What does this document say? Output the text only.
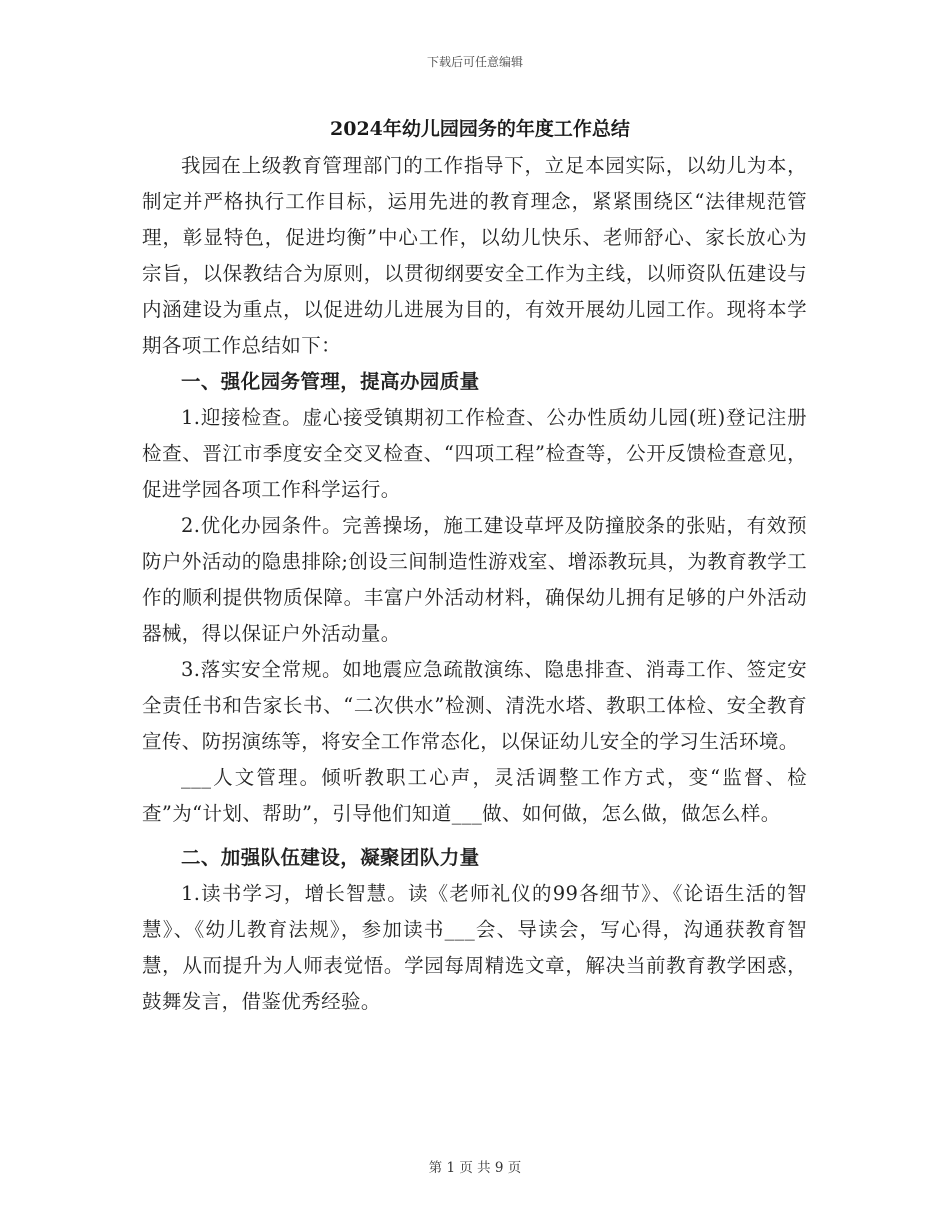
下载后可任意编辑
2024年幼儿园园务的年度工作总结

我园在上级教育管理部门的工作指导下，立足本园实际，以幼儿为本，制定并严格执行工作目标，运用先进的教育理念，紧紧围绕区“法律规范管理，彰显特色，促进均衡”中心工作，以幼儿快乐、老师舒心、家长放心为宗旨，以保教结合为原则，以贯彻纲要安全工作为主线，以师资队伍建设与内涵建设为重点，以促进幼儿进展为目的，有效开展幼儿园工作。现将本学期各项工作总结如下：

一、强化园务管理，提高办园质量

1.迎接检查。虚心接受镇期初工作检查、公办性质幼儿园(班)登记注册检查、晋江市季度安全交叉检查、“四项工程”检查等，公开反馈检查意见，促进学园各项工作科学运行。

2.优化办园条件。完善操场，施工建设草坪及防撞胶条的张贴，有效预防户外活动的隐患排除;创设三间制造性游戏室、增添教玩具，为教育教学工作的顺利提供物质保障。丰富户外活动材料，确保幼儿拥有足够的户外活动器械，得以保证户外活动量。

3.落实安全常规。如地震应急疏散演练、隐患排查、消毒工作、签定安全责任书和告家长书、“二次供水”检测、清洗水塔、教职工体检、安全教育宣传、防拐演练等，将安全工作常态化，以保证幼儿安全的学习生活环境。

___人文管理。倾听教职工心声，灵活调整工作方式，变“监督、检查”为“计划、帮助”，引导他们知道___做、如何做，怎么做，做怎么样。

二、加强队伍建设，凝聚团队力量

1.读书学习，增长智慧。读《老师礼仪的99各细节》、《论语生活的智慧》、《幼儿教育法规》，参加读书___会、导读会，写心得，沟通获教育智慧，从而提升为人师表觉悟。学园每周精选文章，解决当前教育教学困惑，鼓舞发言，借鉴优秀经验。

第 1 页 共 9 页
